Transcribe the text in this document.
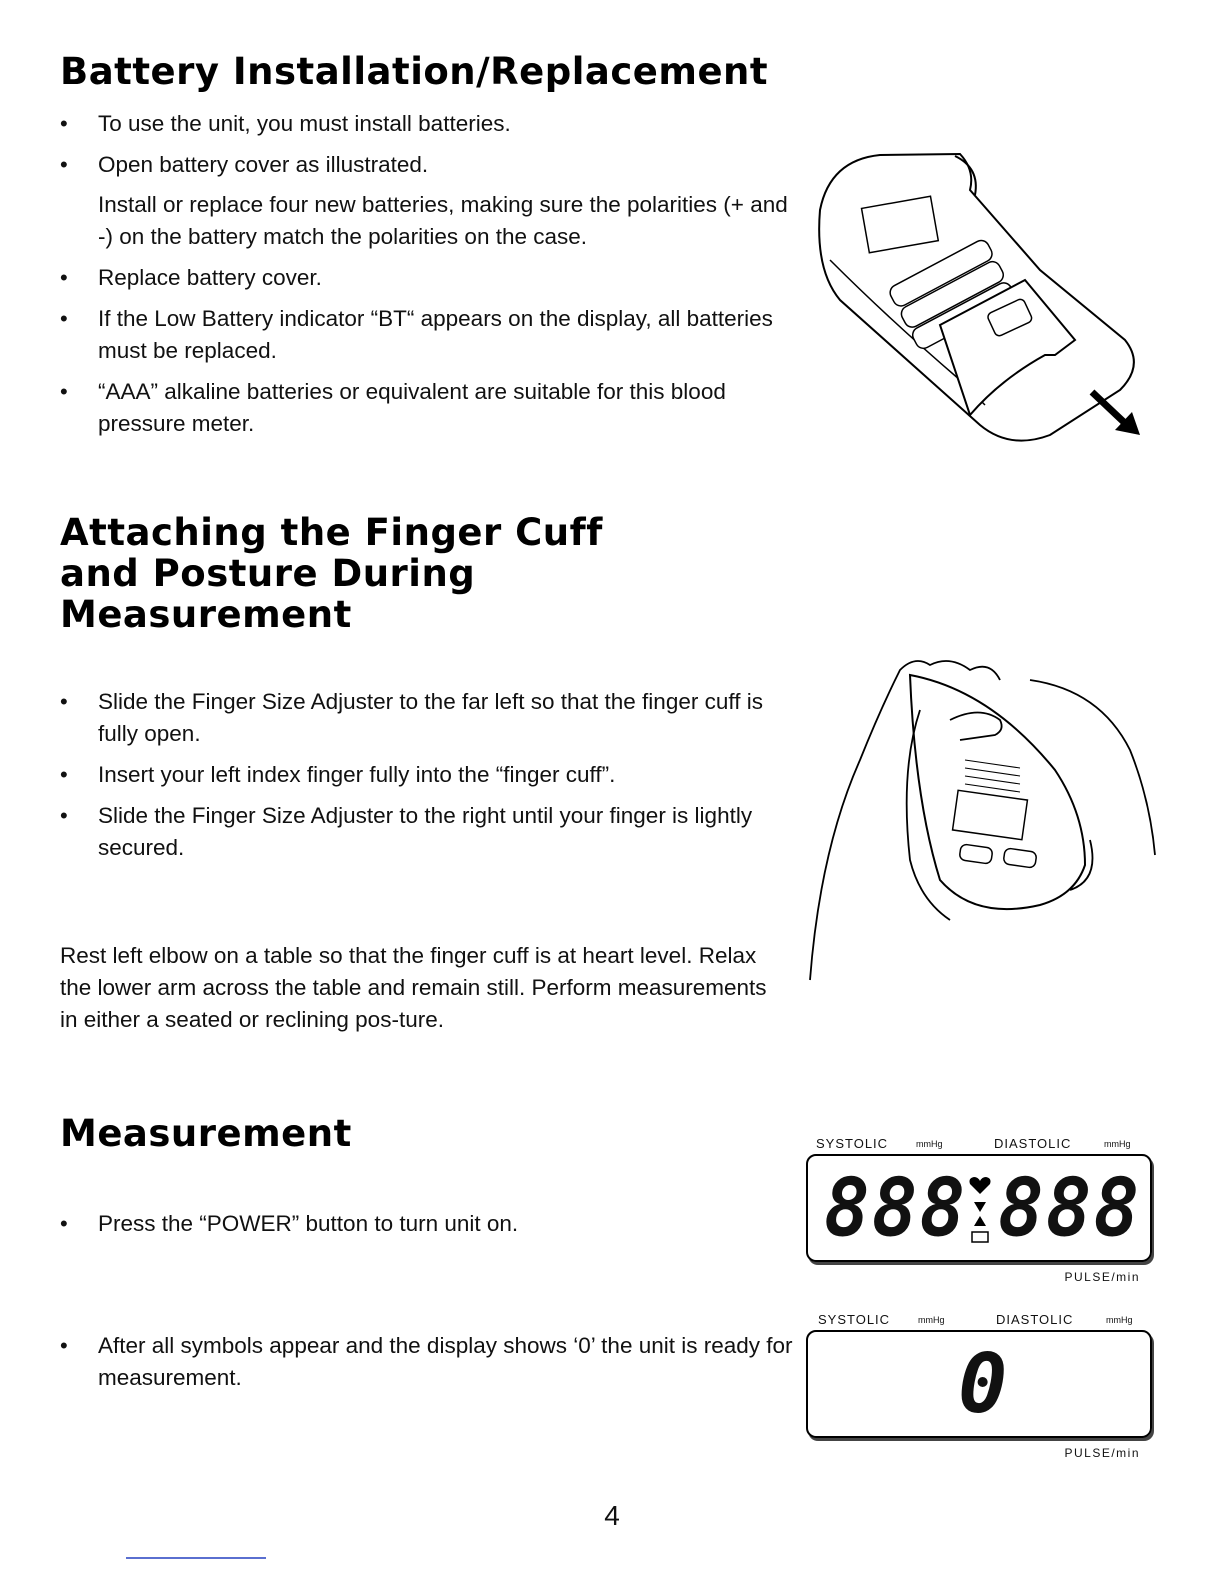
Battery Installation/Replacement
• To use the unit, you must install batteries.
• Open battery cover as illustrated.
Install or replace four new batteries, making sure the polarities (+ and -) on the battery match the polarities on the case.
• Replace battery cover.
• If the Low Battery indicator “BT“ appears on the display, all batteries must be replaced.
• “AAA” alkaline batteries or equivalent are suitable for this blood pressure meter.
Attaching the Finger Cuff
and Posture During
Measurement
• Slide the Finger Size Adjuster to the far left so that the finger cuff is fully open.
• Insert your left index finger fully into the “finger cuff”.
• Slide the Finger Size Adjuster to the right until your finger is lightly secured.

Rest left elbow on a table so that the finger cuff is at heart level. Relax the lower arm across the table and remain still. Perform measurements in either a seated or reclining pos-ture.

Measurement
• Press the “POWER” button to turn unit on.
• After all symbols appear and the display shows ‘0’ the unit is ready for measurement.
SYSTOLIC	mmHg	DIASTOLIC	mmHg
888 888
PULSE/min
SYSTOLIC	mmHg	DIASTOLIC	mmHg
0
PULSE/min
4
